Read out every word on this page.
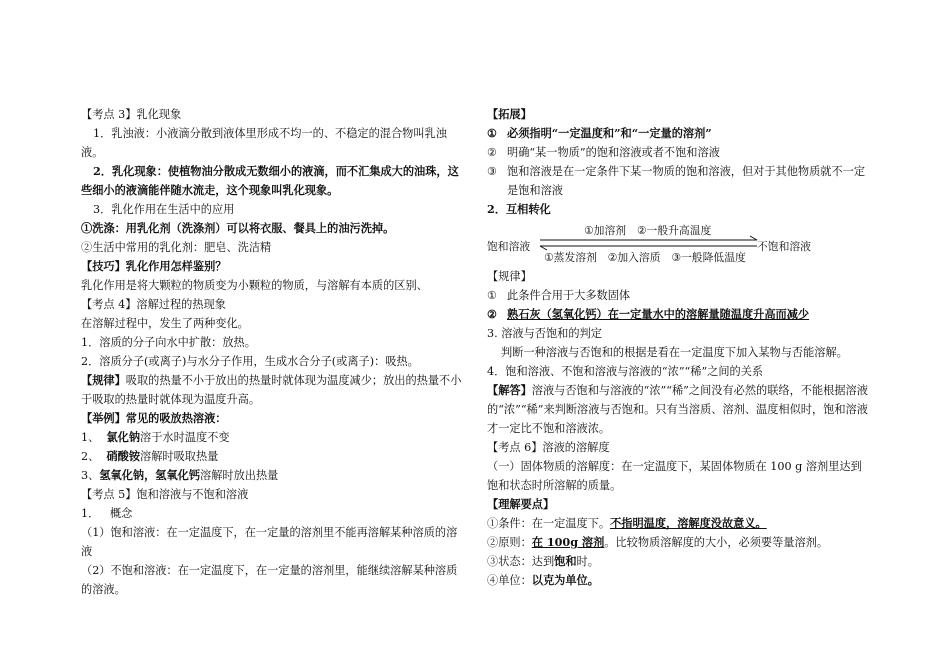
【考点 3】乳化现象

1．乳浊液：小液滴分散到液体里形成不均一的、不稳定的混合物叫乳浊液。

2．乳化现象：使植物油分散成无数细小的液滴，而不汇集成大的油珠，这些细小的液滴能伴随水流走，这个现象叫乳化现象。

3．乳化作用在生活中的应用

①洗涤：用乳化剂（洗涤剂）可以将衣服、餐具上的油污洗掉。

②生活中常用的乳化剂：肥皂、洗洁精

【技巧】乳化作用怎样鉴别？

乳化作用是将大颗粒的物质变为小颗粒的物质，与溶解有本质的区别、

【考点 4】溶解过程的热现象

在溶解过程中，发生了两种变化。

1．溶质的分子向水中扩散：放热。

2．溶质分子(或离子)与水分子作用，生成水合分子(或离子)：吸热。

【规律】吸取的热量不小于放出的热量时就体现为温度减少；放出的热量不小于吸取的热量时就体现为温度升高。

【举例】常见的吸放热溶液：

1、 氯化钠溶于水时温度不变

2、 硝酸铵溶解时吸取热量

3、氢氧化钠，氢氧化钙溶解时放出热量

【考点 5】饱和溶液与不饱和溶液

1． 概念

（1）饱和溶液：在一定温度下，在一定量的溶剂里不能再溶解某种溶质的溶液

（2）不饱和溶液：在一定温度下，在一定量的溶剂里，能继续溶解某种溶质的溶液。

【拓展】

① 必须指明“一定温度和”和“一定量的溶剂”
② 明确“某一物质”的饱和溶液或者不饱和溶液
③ 饱和溶液是在一定条件下某一物质的饱和溶液，但对于其他物质就不一定是饱和溶液

2．互相转化

饱和溶液	不饱和溶液
①加溶剂　②一般升高温度
①蒸发溶剂　②加入溶质　③一般降低温度

【规律】

① 此条件合用于大多数固体
② 熟石灰（氢氧化钙）在一定量水中的溶解量随温度升高而减少

3. 溶液与否饱和的判定

判断一种溶液与否饱和的根据是看在一定温度下加入某物与否能溶解。

4．饱和溶液、不饱和溶液与溶液的“浓”“稀”之间的关系

【解答】溶液与否饱和与溶液的“浓”“稀”之间没有必然的联络，不能根据溶液的“浓”“稀”来判断溶液与否饱和。只有当溶质、溶剂、温度相似时，饱和溶液才一定比不饱和溶液浓。

【考点 6】溶液的溶解度

（一）固体物质的溶解度：在一定温度下，某固体物质在 100 g 溶剂里达到饱和状态时所溶解的质量。

【理解要点】

①条件：在一定温度下。不指明温度，溶解度没故意义。

②原则：在 100g 溶剂。比较物质溶解度的大小，必须要等量溶剂。

③状态：达到饱和时。

④单位：以克为单位。
